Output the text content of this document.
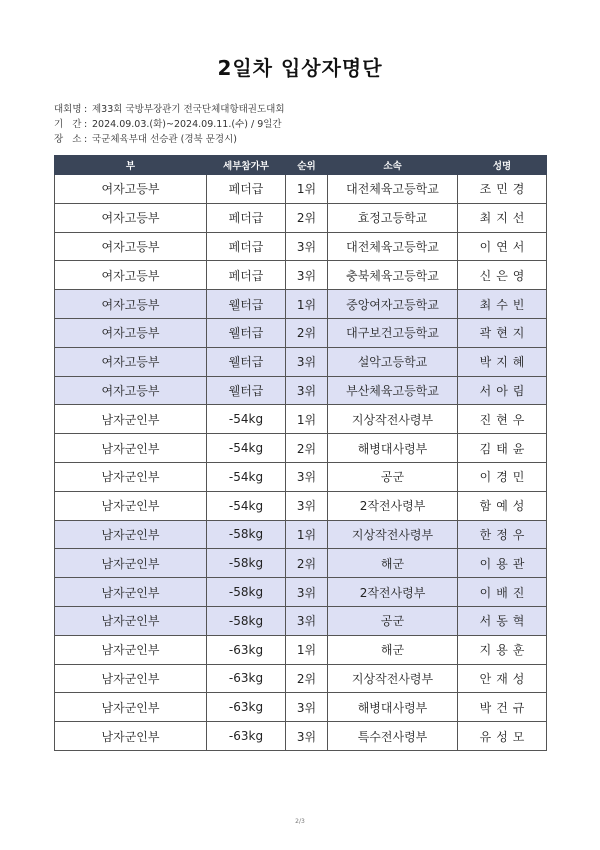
2일차 입상자명단
대회명 : 제33회 국방부장관기 전국단체대항태권도대회
기   간 : 2024.09.03.(화)~2024.09.11.(수) / 9일간
장   소 : 국군체육부대 선승관 (경북 문경시)
부	세부참가부	순위	소속	성명
여자고등부	페더급	1위	대전체육고등학교	조민경
여자고등부	페더급	2위	효정고등학교	최지선
여자고등부	페더급	3위	대전체육고등학교	이연서
여자고등부	페더급	3위	충북체육고등학교	신은영
여자고등부	웰터급	1위	중앙여자고등학교	최수빈
여자고등부	웰터급	2위	대구보건고등학교	곽현지
여자고등부	웰터급	3위	설악고등학교	박지혜
여자고등부	웰터급	3위	부산체육고등학교	서아림
남자군인부	-54kg	1위	지상작전사령부	진현우
남자군인부	-54kg	2위	해병대사령부	김태윤
남자군인부	-54kg	3위	공군	이경민
남자군인부	-54kg	3위	2작전사령부	함예성
남자군인부	-58kg	1위	지상작전사령부	한정우
남자군인부	-58kg	2위	해군	이용관
남자군인부	-58kg	3위	2작전사령부	이배진
남자군인부	-58kg	3위	공군	서동혁
남자군인부	-63kg	1위	해군	지용훈
남자군인부	-63kg	2위	지상작전사령부	안재성
남자군인부	-63kg	3위	해병대사령부	박건규
남자군인부	-63kg	3위	특수전사령부	유성모
2/3
